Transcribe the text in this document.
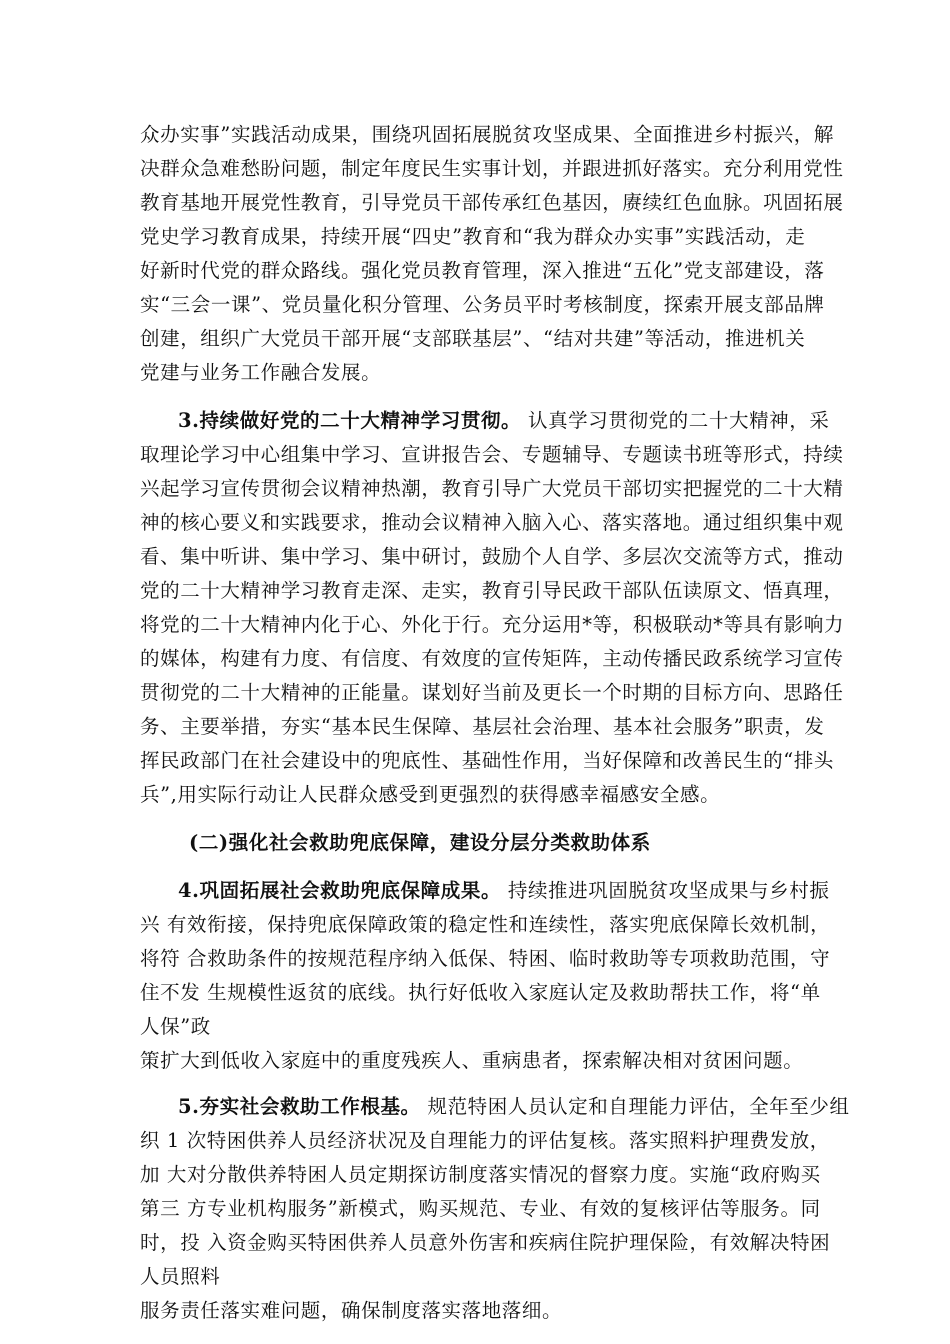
众办实事”实践活动成果，围绕巩固拓展脱贫攻坚成果、全面推进乡村振兴，解
决群众急难愁盼问题，制定年度民生实事计划，并跟进抓好落实。充分利用党性
教育基地开展党性教育，引导党员干部传承红色基因，赓续红色血脉。巩固拓展
党史学习教育成果，持续开展“四史”教育和“我为群众办实事”实践活动，走
好新时代党的群众路线。强化党员教育管理，深入推进“五化”党支部建设，落
实“三会一课”、党员量化积分管理、公务员平时考核制度，探索开展支部品牌
创建，组织广大党员干部开展“支部联基层”、“结对共建”等活动，推进机关
党建与业务工作融合发展。
3.持续做好党的二十大精神学习贯彻。 认真学习贯彻党的二十大精神，采
取理论学习中心组集中学习、宣讲报告会、专题辅导、专题读书班等形式，持续
兴起学习宣传贯彻会议精神热潮，教育引导广大党员干部切实把握党的二十大精
神的核心要义和实践要求，推动会议精神入脑入心、落实落地。通过组织集中观
看、集中听讲、集中学习、集中研讨，鼓励个人自学、多层次交流等方式，推动
党的二十大精神学习教育走深、走实，教育引导民政干部队伍读原文、悟真理，
将党的二十大精神内化于心、外化于行。充分运用*等，积极联动*等具有影响力
的媒体，构建有力度、有信度、有效度的宣传矩阵，主动传播民政系统学习宣传
贯彻党的二十大精神的正能量。谋划好当前及更长一个时期的目标方向、思路任
务、主要举措，夯实“基本民生保障、基层社会治理、基本社会服务”职责，发
挥民政部门在社会建设中的兜底性、基础性作用，当好保障和改善民生的“排头
兵”,用实际行动让人民群众感受到更强烈的获得感幸福感安全感。
(二)强化社会救助兜底保障，建设分层分类救助体系
4.巩固拓展社会救助兜底保障成果。 持续推进巩固脱贫攻坚成果与乡村振
兴 有效衔接，保持兜底保障政策的稳定性和连续性，落实兜底保障长效机制，
将符 合救助条件的按规范程序纳入低保、特困、临时救助等专项救助范围，守
住不发 生规模性返贫的底线。执行好低收入家庭认定及救助帮扶工作，将“单
人保”政
策扩大到低收入家庭中的重度残疾人、重病患者，探索解决相对贫困问题。
5.夯实社会救助工作根基。 规范特困人员认定和自理能力评估，全年至少组
织 1 次特困供养人员经济状况及自理能力的评估复核。落实照料护理费发放，
加 大对分散供养特困人员定期探访制度落实情况的督察力度。实施“政府购买
第三 方专业机构服务”新模式，购买规范、专业、有效的复核评估等服务。同
时，投 入资金购买特困供养人员意外伤害和疾病住院护理保险，有效解决特困
人员照料
服务责任落实难问题，确保制度落实落地落细。
